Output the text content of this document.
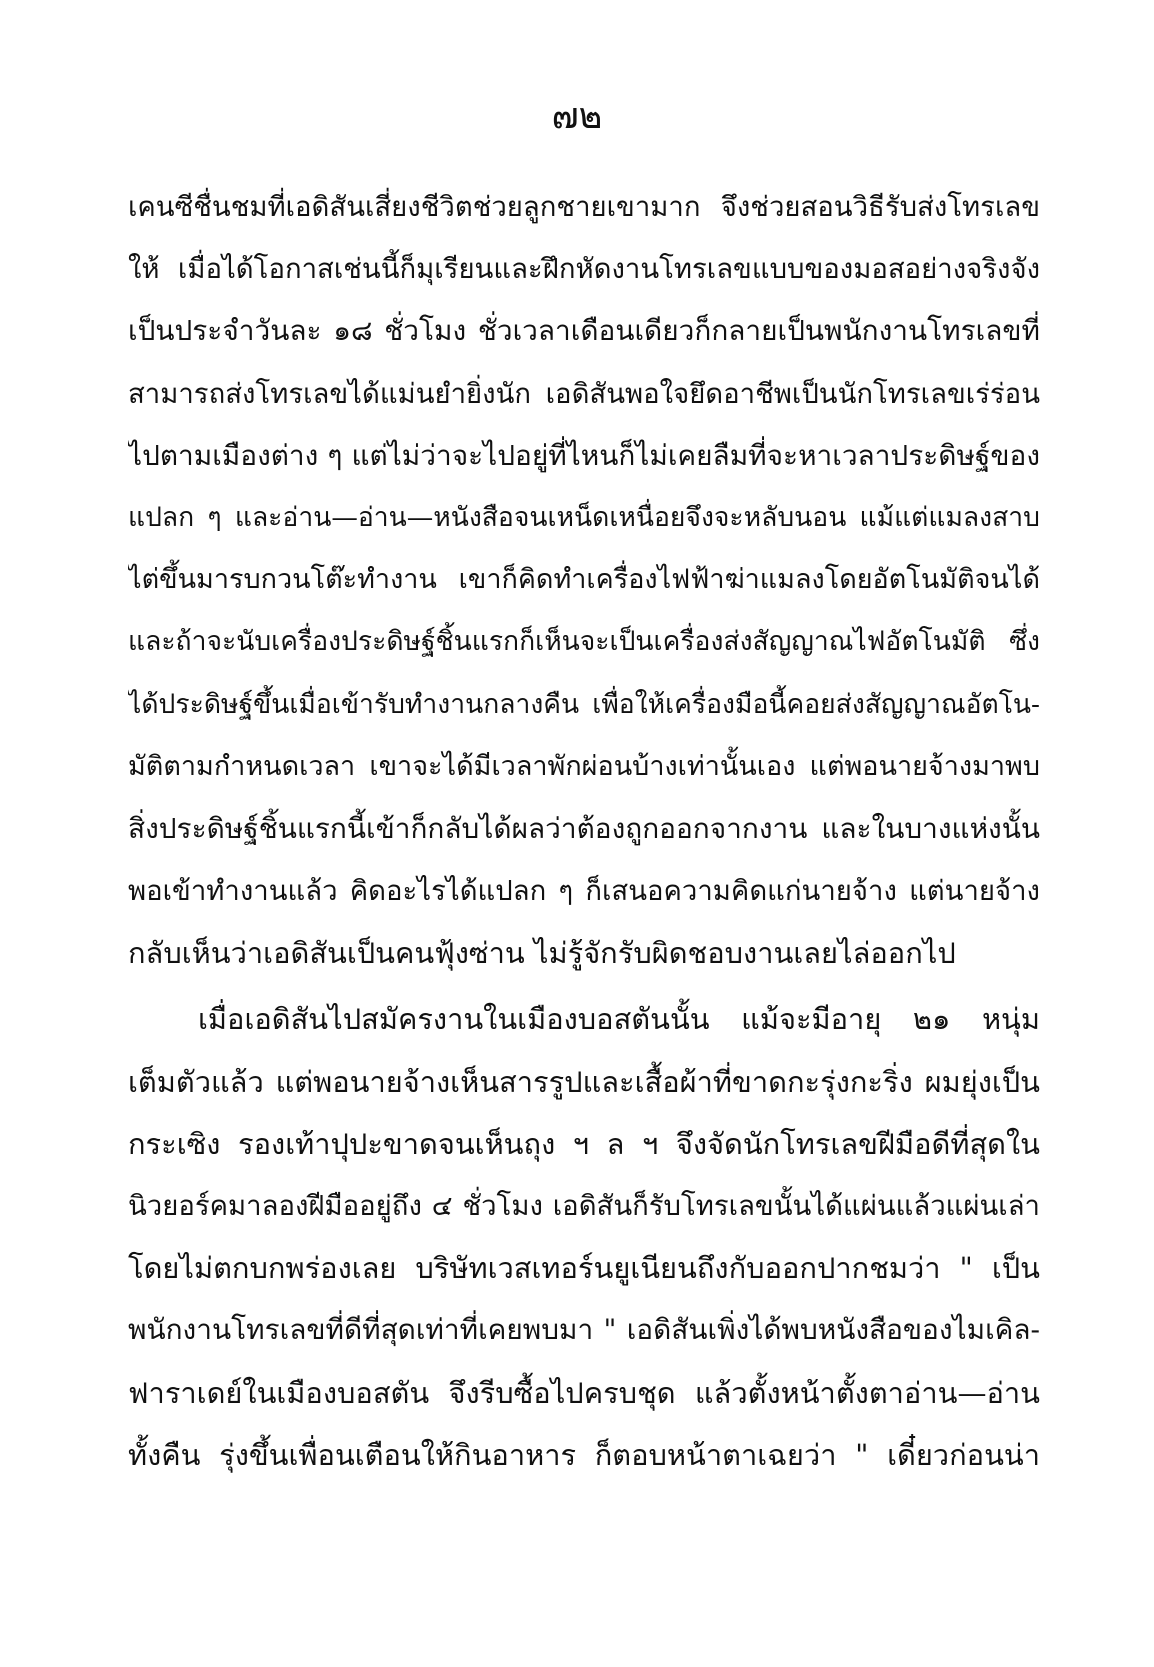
๗๒
เคนซีชื่นชมที่เอดิสันเสี่ยงชีวิตช่วยลูกชายเขามาก จึงช่วยสอนวิธีรับส่งโทรเลข
ให้ เมื่อได้โอกาสเช่นนี้ก็มุเรียนและฝึกหัดงานโทรเลขแบบของมอสอย่างจริงจัง
เป็นประจำวันละ ๑๘ ชั่วโมง ชั่วเวลาเดือนเดียวก็กลายเป็นพนักงานโทรเลขที่
สามารถส่งโทรเลขได้แม่นยำยิ่งนัก เอดิสันพอใจยึดอาชีพเป็นนักโทรเลขเร่ร่อน
ไปตามเมืองต่าง ๆ แต่ไม่ว่าจะไปอยู่ที่ไหนก็ไม่เคยลืมที่จะหาเวลาประดิษฐ์ของ
แปลก ๆ และอ่าน—อ่าน—หนังสือจนเหน็ดเหนื่อยจึงจะหลับนอน แม้แต่แมลงสาบ
ไต่ขึ้นมารบกวนโต๊ะทำงาน เขาก็คิดทำเครื่องไฟฟ้าฆ่าแมลงโดยอัตโนมัติจนได้
และถ้าจะนับเครื่องประดิษฐ์ชิ้นแรกก็เห็นจะเป็นเครื่องส่งสัญญาณไฟอัตโนมัติ ซึ่ง
ได้ประดิษฐ์ขึ้นเมื่อเข้ารับทำงานกลางคืน เพื่อให้เครื่องมือนี้คอยส่งสัญญาณอัตโน-
มัติตามกำหนดเวลา เขาจะได้มีเวลาพักผ่อนบ้างเท่านั้นเอง แต่พอนายจ้างมาพบ
สิ่งประดิษฐ์ชิ้นแรกนี้เข้าก็กลับได้ผลว่าต้องถูกออกจากงาน และในบางแห่งนั้น
พอเข้าทำงานแล้ว คิดอะไรได้แปลก ๆ ก็เสนอความคิดแก่นายจ้าง แต่นายจ้าง
กลับเห็นว่าเอดิสันเป็นคนฟุ้งซ่าน ไม่รู้จักรับผิดชอบงานเลยไล่ออกไป
เมื่อเอดิสันไปสมัครงานในเมืองบอสตันนั้น แม้จะมีอายุ ๒๑ หนุ่ม
เต็มตัวแล้ว แต่พอนายจ้างเห็นสารรูปและเสื้อผ้าที่ขาดกะรุ่งกะริ่ง ผมยุ่งเป็น
กระเซิง รองเท้าปุปะขาดจนเห็นถุง ฯ ล ฯ จึงจัดนักโทรเลขฝีมือดีที่สุดใน
นิวยอร์คมาลองฝีมืออยู่ถึง ๔ ชั่วโมง เอดิสันก็รับโทรเลขนั้นได้แผ่นแล้วแผ่นเล่า
โดยไม่ตกบกพร่องเลย บริษัทเวสเทอร์นยูเนียนถึงกับออกปากชมว่า " เป็น
พนักงานโทรเลขที่ดีที่สุดเท่าที่เคยพบมา " เอดิสันเพิ่งได้พบหนังสือของไมเคิล-
ฟาราเดย์ในเมืองบอสตัน จึงรีบซื้อไปครบชุด แล้วตั้งหน้าตั้งตาอ่าน—อ่าน
ทั้งคืน รุ่งขึ้นเพื่อนเตือนให้กินอาหาร ก็ตอบหน้าตาเฉยว่า " เดี๋ยวก่อนน่า
